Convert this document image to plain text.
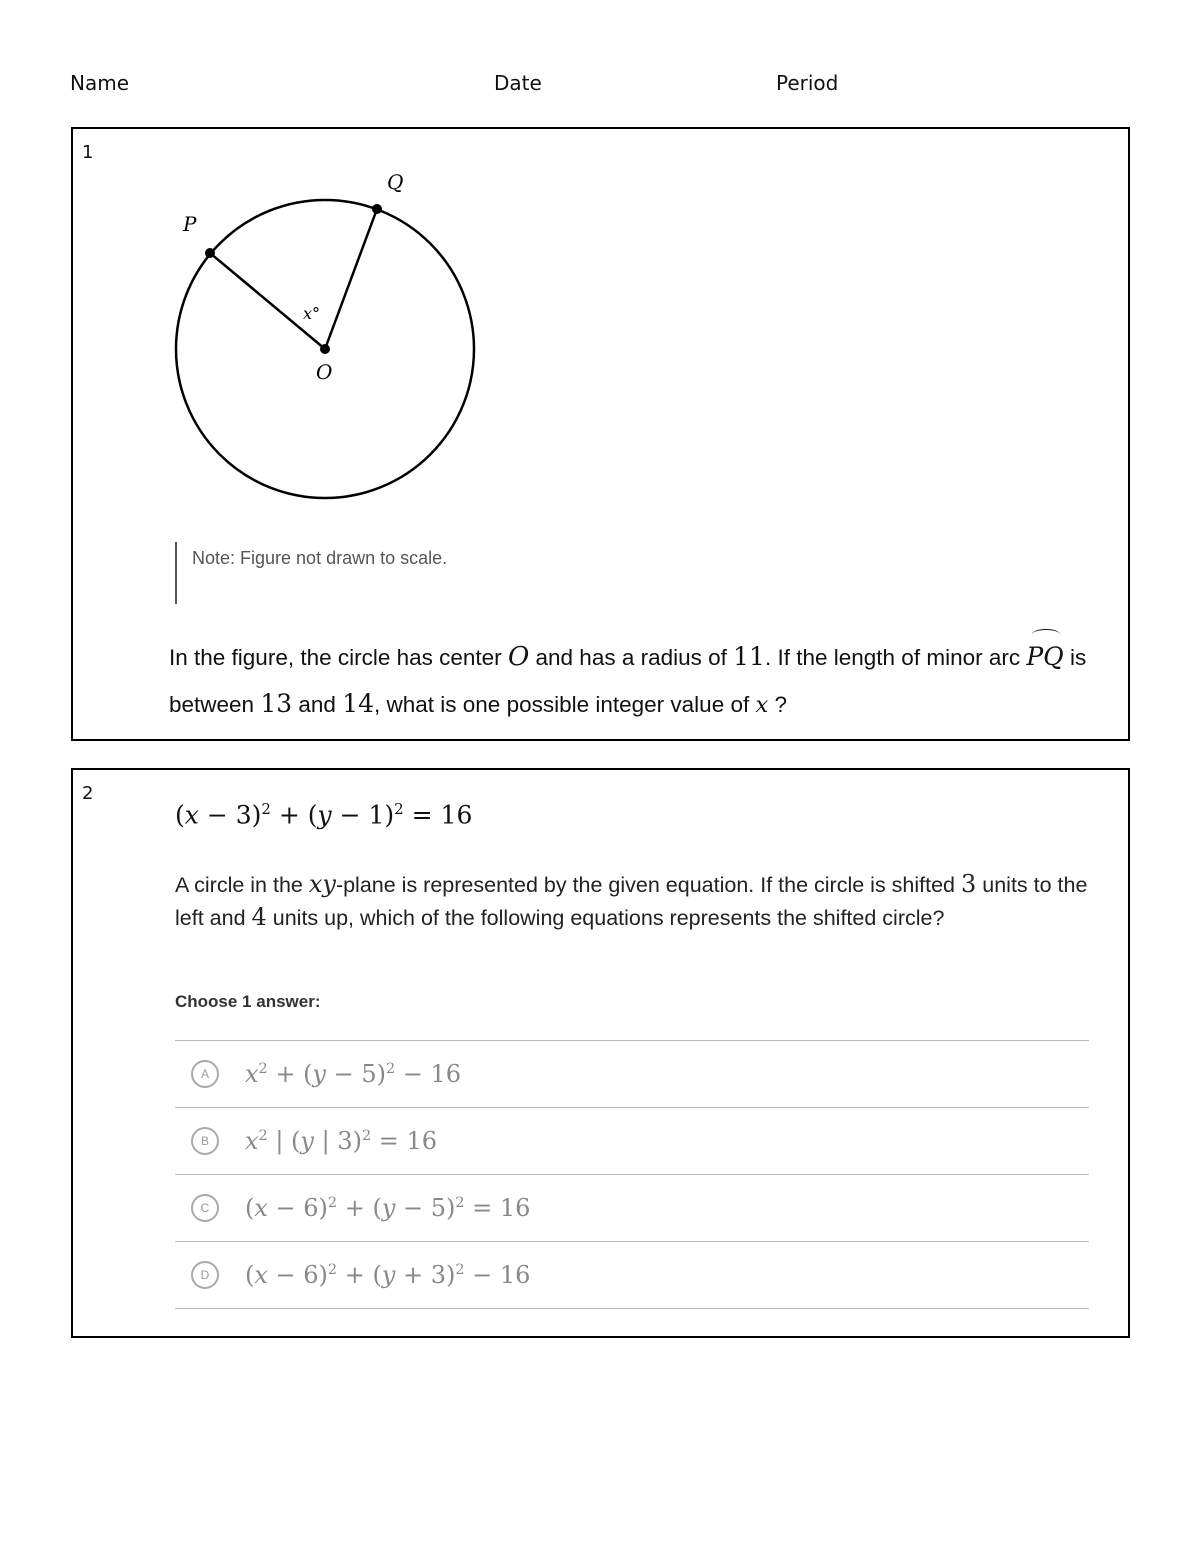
Name	Date	Period
1
P
Q
O
x°
Note: Figure not drawn to scale.
In the figure, the circle has center O and has a radius of 11. If the length of minor arc PQ is between 13 and 14, what is one possible integer value of x ?
2
$(x - 3)^2 + (y - 1)^2 = 16$
A circle in the xy-plane is represented by the given equation. If the circle is shifted 3 units to the left and 4 units up, which of the following equations represents the shifted circle?
Choose 1 answer:
A	$x^2 + (y - 5)^2 - 16$
B	$x^2$ | (y | 3)$^2$ = 16
C	$(x - 6)^2 + (y - 5)^2 = 16$
D	$(x - 6)^2 + (y + 3)^2 - 16$
